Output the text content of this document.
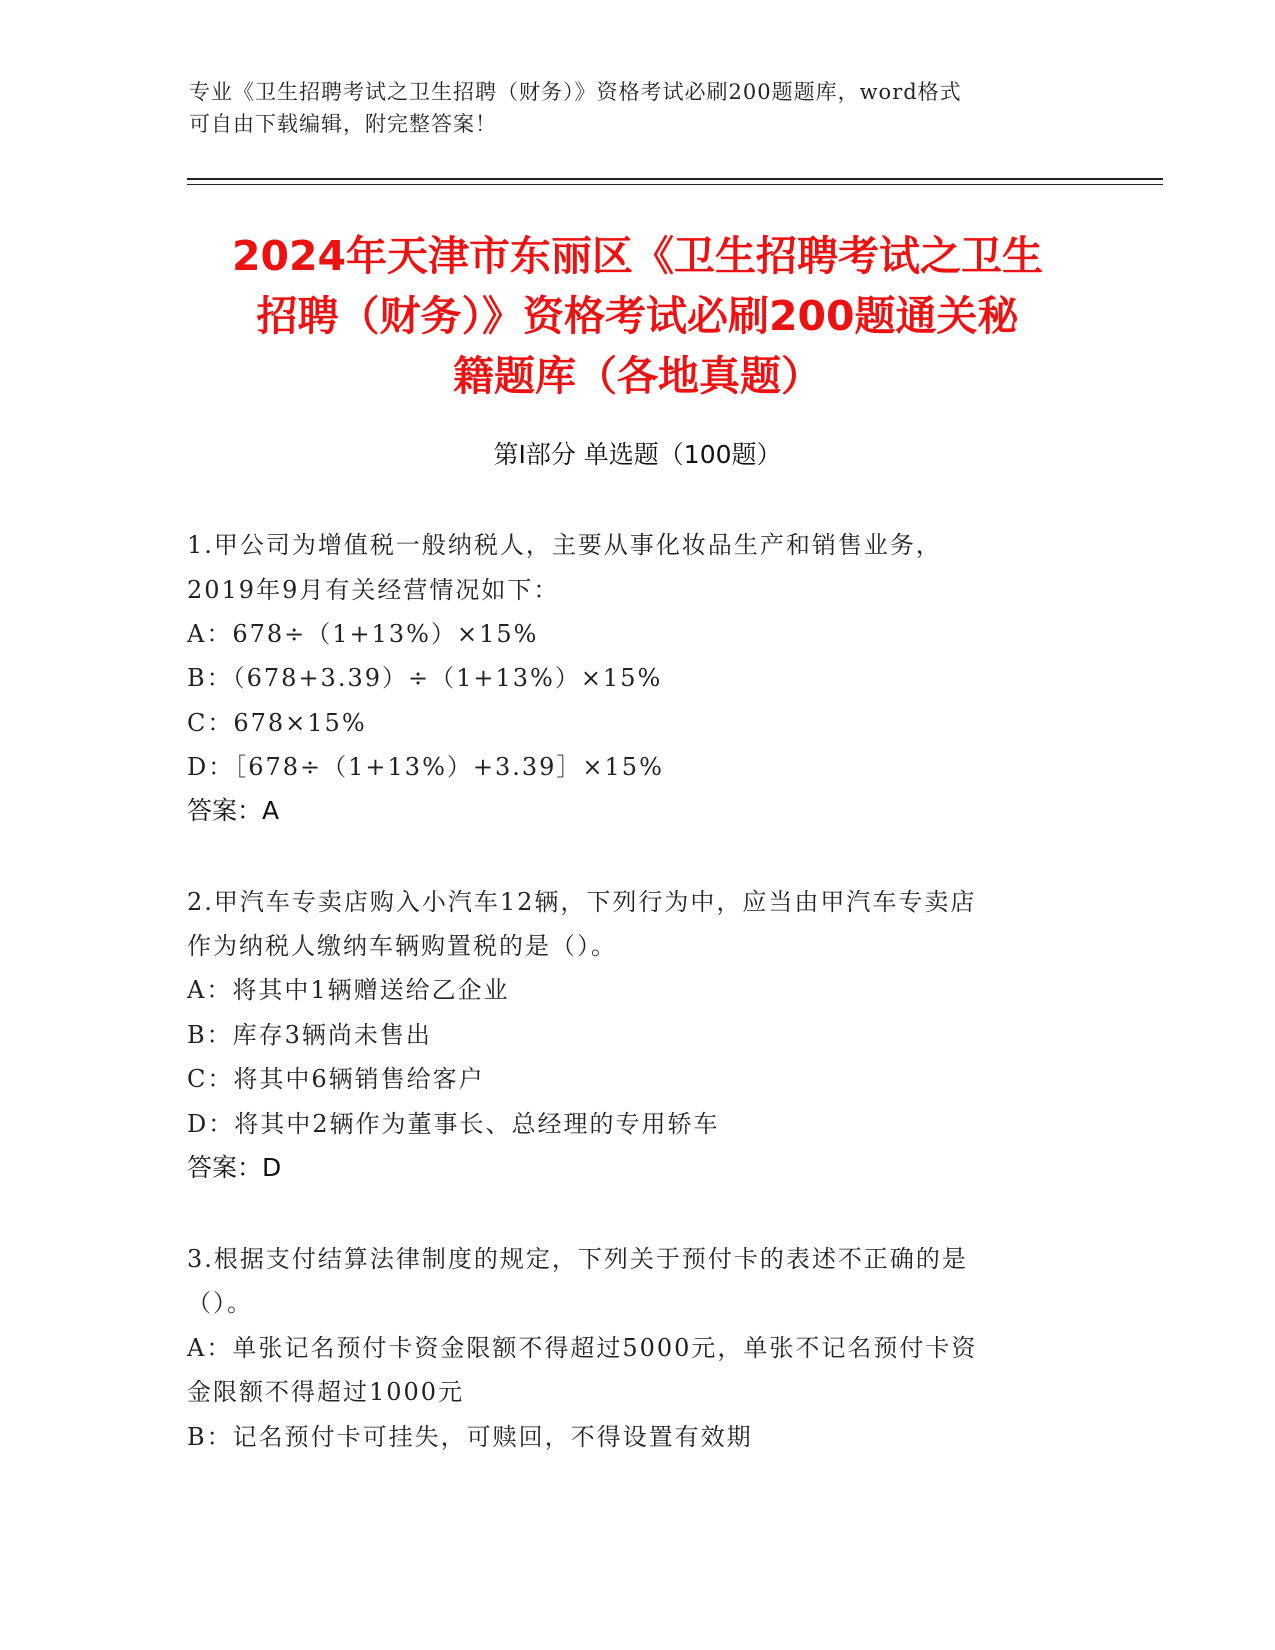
专业《卫生招聘考试之卫生招聘（财务）》资格考试必刷200题题库，word格式
可自由下载编辑，附完整答案！
2024年天津市东丽区《卫生招聘考试之卫生
招聘（财务）》资格考试必刷200题通关秘
籍题库（各地真题）
第Ⅰ部分 单选题（100题）
1.甲公司为增值税一般纳税人，主要从事化妆品生产和销售业务，
2019年9月有关经营情况如下：
A：678÷（1+13%）×15%
B：（678+3.39）÷（1+13%）×15%
C：678×15%
D：［678÷（1+13%）+3.39］×15%
答案：A
2.甲汽车专卖店购入小汽车12辆，下列行为中，应当由甲汽车专卖店
作为纳税人缴纳车辆购置税的是（）。
A：将其中1辆赠送给乙企业
B：库存3辆尚未售出
C：将其中6辆销售给客户
D：将其中2辆作为董事长、总经理的专用轿车
答案：D
3.根据支付结算法律制度的规定，下列关于预付卡的表述不正确的是
（）。
A：单张记名预付卡资金限额不得超过5000元，单张不记名预付卡资
金限额不得超过1000元
B：记名预付卡可挂失，可赎回，不得设置有效期
